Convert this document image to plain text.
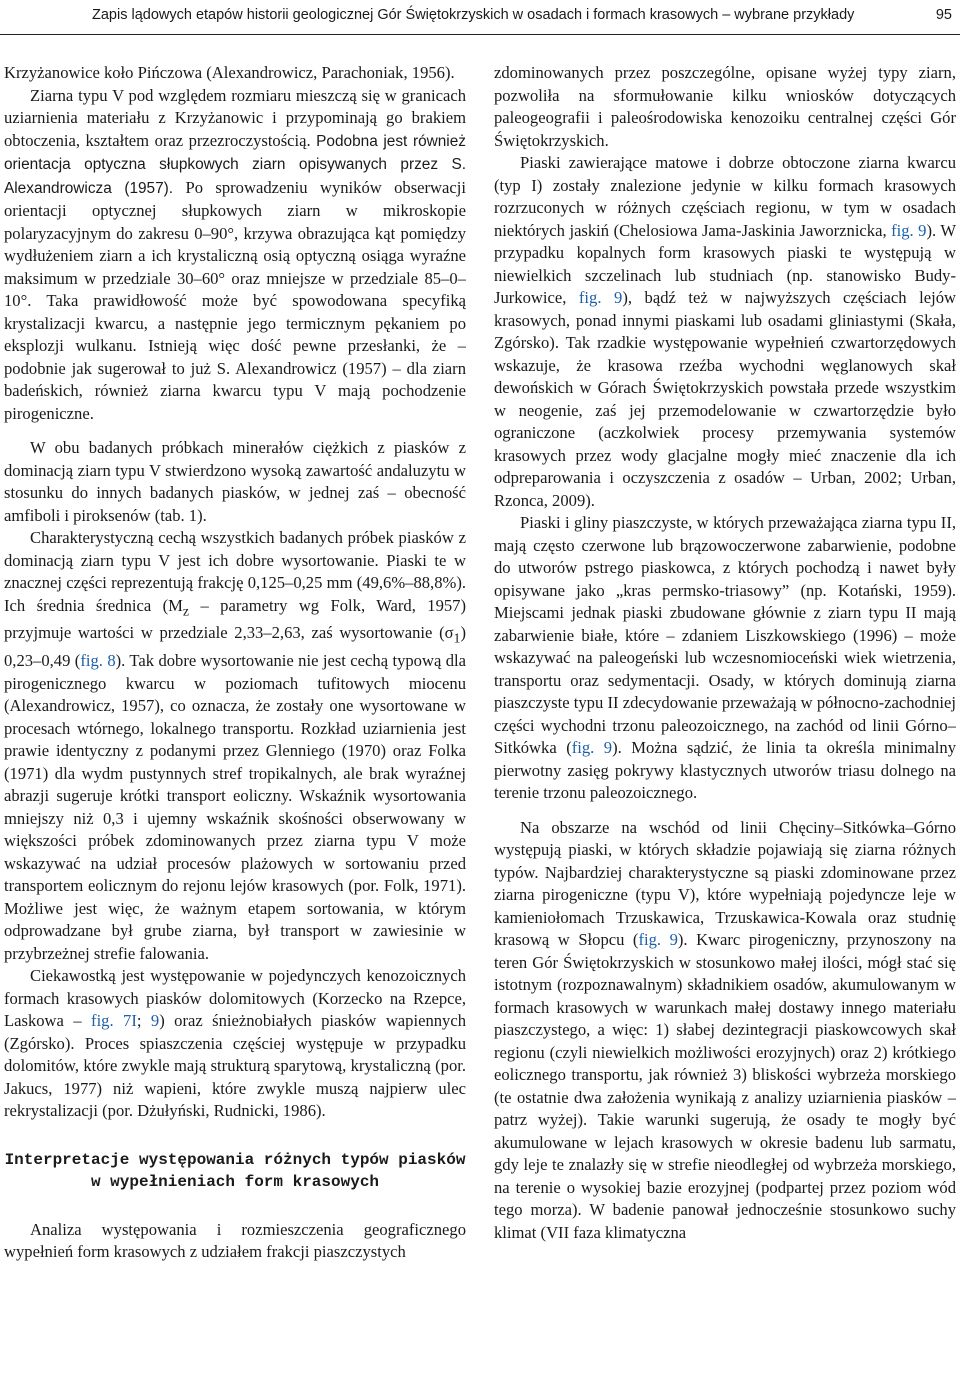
Zapis lądowych etapów historii geologicznej Gór Świętokrzyskich w osadach i formach krasowych – wybrane przykłady	95

Krzyżanowice koło Pińczowa (Alexandrowicz, Parachoniak, 1956).

Ziarna typu V pod względem rozmiaru mieszczą się w granicach uziarnienia materiału z Krzyżanowic i przypominają go brakiem obtoczenia, kształtem oraz przezroczystością. Podobna jest również orientacja optyczna słupkowych ziarn opisywanych przez S. Alexandrowicza (1957). Po sprowadzeniu wyników obserwacji orientacji optycznej słupkowych ziarn w mikroskopie polaryzacyjnym do zakresu 0–90°, krzywa obrazująca kąt pomiędzy wydłużeniem ziarn a ich krystaliczną osią optyczną osiąga wyraźne maksimum w przedziale 30–60° oraz mniejsze w przedziale 85–0–10°. Taka prawidłowość może być spowodowana specyfiką krystalizacji kwarcu, a następnie jego termicznym pękaniem po eksplozji wulkanu. Istnieją więc dość pewne przesłanki, że – podobnie jak sugerował to już S. Alexandrowicz (1957) – dla ziarn badeńskich, również ziarna kwarcu typu V mają pochodzenie pirogeniczne.

W obu badanych próbkach minerałów ciężkich z piasków z dominacją ziarn typu V stwierdzono wysoką zawartość andaluzytu w stosunku do innych badanych piasków, w jednej zaś – obecność amfiboli i piroksenów (tab. 1).

Charakterystyczną cechą wszystkich badanych próbek piasków z dominacją ziarn typu V jest ich dobre wysortowanie. Piaski te w znacznej części reprezentują frakcję 0,125–0,25 mm (49,6%–88,8%). Ich średnia średnica ($M_z$ – parametry wg Folk, Ward, 1957) przyjmuje wartości w przedziale 2,33–2,63, zaś wysortowanie $(\sigma_1)$ 0,23–0,49 (fig. 8). Tak dobre wysortowanie nie jest cechą typową dla pirogenicznego kwarcu w poziomach tufitowych miocenu (Alexandrowicz, 1957), co oznacza, że zostały one wysortowane w procesach wtórnego, lokalnego transportu. Rozkład uziarnienia jest prawie identyczny z podanymi przez Glenniego (1970) oraz Folka (1971) dla wydm pustynnych stref tropikalnych, ale brak wyraźnej abrazji sugeruje krótki transport eoliczny. Wskaźnik wysortowania mniejszy niż 0,3 i ujemny wskaźnik skośności obserwowany w większości próbek zdominowanych przez ziarna typu V może wskazywać na udział procesów plażowych w sortowaniu przed transportem eolicznym do rejonu lejów krasowych (por. Folk, 1971). Możliwe jest więc, że ważnym etapem sortowania, w którym odprowadzane był grube ziarna, był transport w zawiesinie w przybrzeżnej strefie falowania.

Ciekawostką jest występowanie w pojedynczych kenozoicznych formach krasowych piasków dolomitowych (Korzecko na Rzepce, Laskowa – fig. 7I; 9) oraz śnieżnobiałych piasków wapiennych (Zgórsko). Proces spiaszczenia częściej występuje w przypadku dolomitów, które zwykle mają strukturą sparytową, krystaliczną (por. Jakucs, 1977) niż wapieni, które zwykle muszą najpierw ulec rekrystalizacji (por. Dżułyński, Rudnicki, 1986).

Interpretacje występowania różnych typów piasków
w wypełnieniach form krasowych

Analiza występowania i rozmieszczenia geograficznego wypełnień form krasowych z udziałem frakcji piaszczystych

zdominowanych przez poszczególne, opisane wyżej typy ziarn, pozwoliła na sformułowanie kilku wniosków dotyczących paleogeografii i paleośrodowiska kenozoiku centralnej części Gór Świętokrzyskich.

Piaski zawierające matowe i dobrze obtoczone ziarna kwarcu (typ I) zostały znalezione jedynie w kilku formach krasowych rozrzuconych w różnych częściach regionu, w tym w osadach niektórych jaskiń (Chelosiowa Jama-Jaskinia Jaworznicka, fig. 9). W przypadku kopalnych form krasowych piaski te występują w niewielkich szczelinach lub studniach (np. stanowisko Budy-Jurkowice, fig. 9), bądź też w najwyższych częściach lejów krasowych, ponad innymi piaskami lub osadami gliniastymi (Skała, Zgórsko). Tak rzadkie występowanie wypełnień czwartorzędowych wskazuje, że krasowa rzeźba wychodni węglanowych skał dewońskich w Górach Świętokrzyskich powstała przede wszystkim w neogenie, zaś jej przemodelowanie w czwartorzędzie było ograniczone (aczkolwiek procesy przemywania systemów krasowych przez wody glacjalne mogły mieć znaczenie dla ich odpreparowania i oczyszczenia z osadów – Urban, 2002; Urban, Rzonca, 2009).

Piaski i gliny piaszczyste, w których przeważająca ziarna typu II, mają często czerwone lub brązowoczerwone zabarwienie, podobne do utworów pstrego piaskowca, z których pochodzą i nawet były opisywane jako „kras permsko-triasowy” (np. Kotański, 1959). Miejscami jednak piaski zbudowane głównie z ziarn typu II mają zabarwienie białe, które – zdaniem Liszkowskiego (1996) – może wskazywać na paleogeński lub wczesnomioceński wiek wietrzenia, transportu oraz sedymentacji. Osady, w których dominują ziarna piaszczyste typu II zdecydowanie przeważają w północno-zachodniej części wychodni trzonu paleozoicznego, na zachód od linii Górno–Sitkówka (fig. 9). Można sądzić, że linia ta określa minimalny pierwotny zasięg pokrywy klastycznych utworów triasu dolnego na terenie trzonu paleozoicznego.

Na obszarze na wschód od linii Chęciny–Sitkówka–Górno występują piaski, w których składzie pojawiają się ziarna różnych typów. Najbardziej charakterystyczne są piaski zdominowane przez ziarna pirogeniczne (typu V), które wypełniają pojedyncze leje w kamieniołomach Trzuskawica, Trzuskawica-Kowala oraz studnię krasową w Słopcu (fig. 9). Kwarc pirogeniczny, przynoszony na teren Gór Świętokrzyskich w stosunkowo małej ilości, mógł stać się istotnym (rozpoznawalnym) składnikiem osadów, akumulowanym w formach krasowych w warunkach małej dostawy innego materiału piaszczystego, a więc: 1) słabej dezintegracji piaskowcowych skał regionu (czyli niewielkich możliwości erozyjnych) oraz 2) krótkiego eolicznego transportu, jak również 3) bliskości wybrzeża morskiego (te ostatnie dwa założenia wynikają z analizy uziarnienia piasków – patrz wyżej). Takie warunki sugerują, że osady te mogły być akumulowane w lejach krasowych w okresie badenu lub sarmatu, gdy leje te znalazły się w strefie nieodległej od wybrzeża morskiego, na terenie o wysokiej bazie erozyjnej (podpartej przez poziom wód tego morza). W badenie panował jednocześnie stosunkowo suchy klimat (VII faza klimatyczna
